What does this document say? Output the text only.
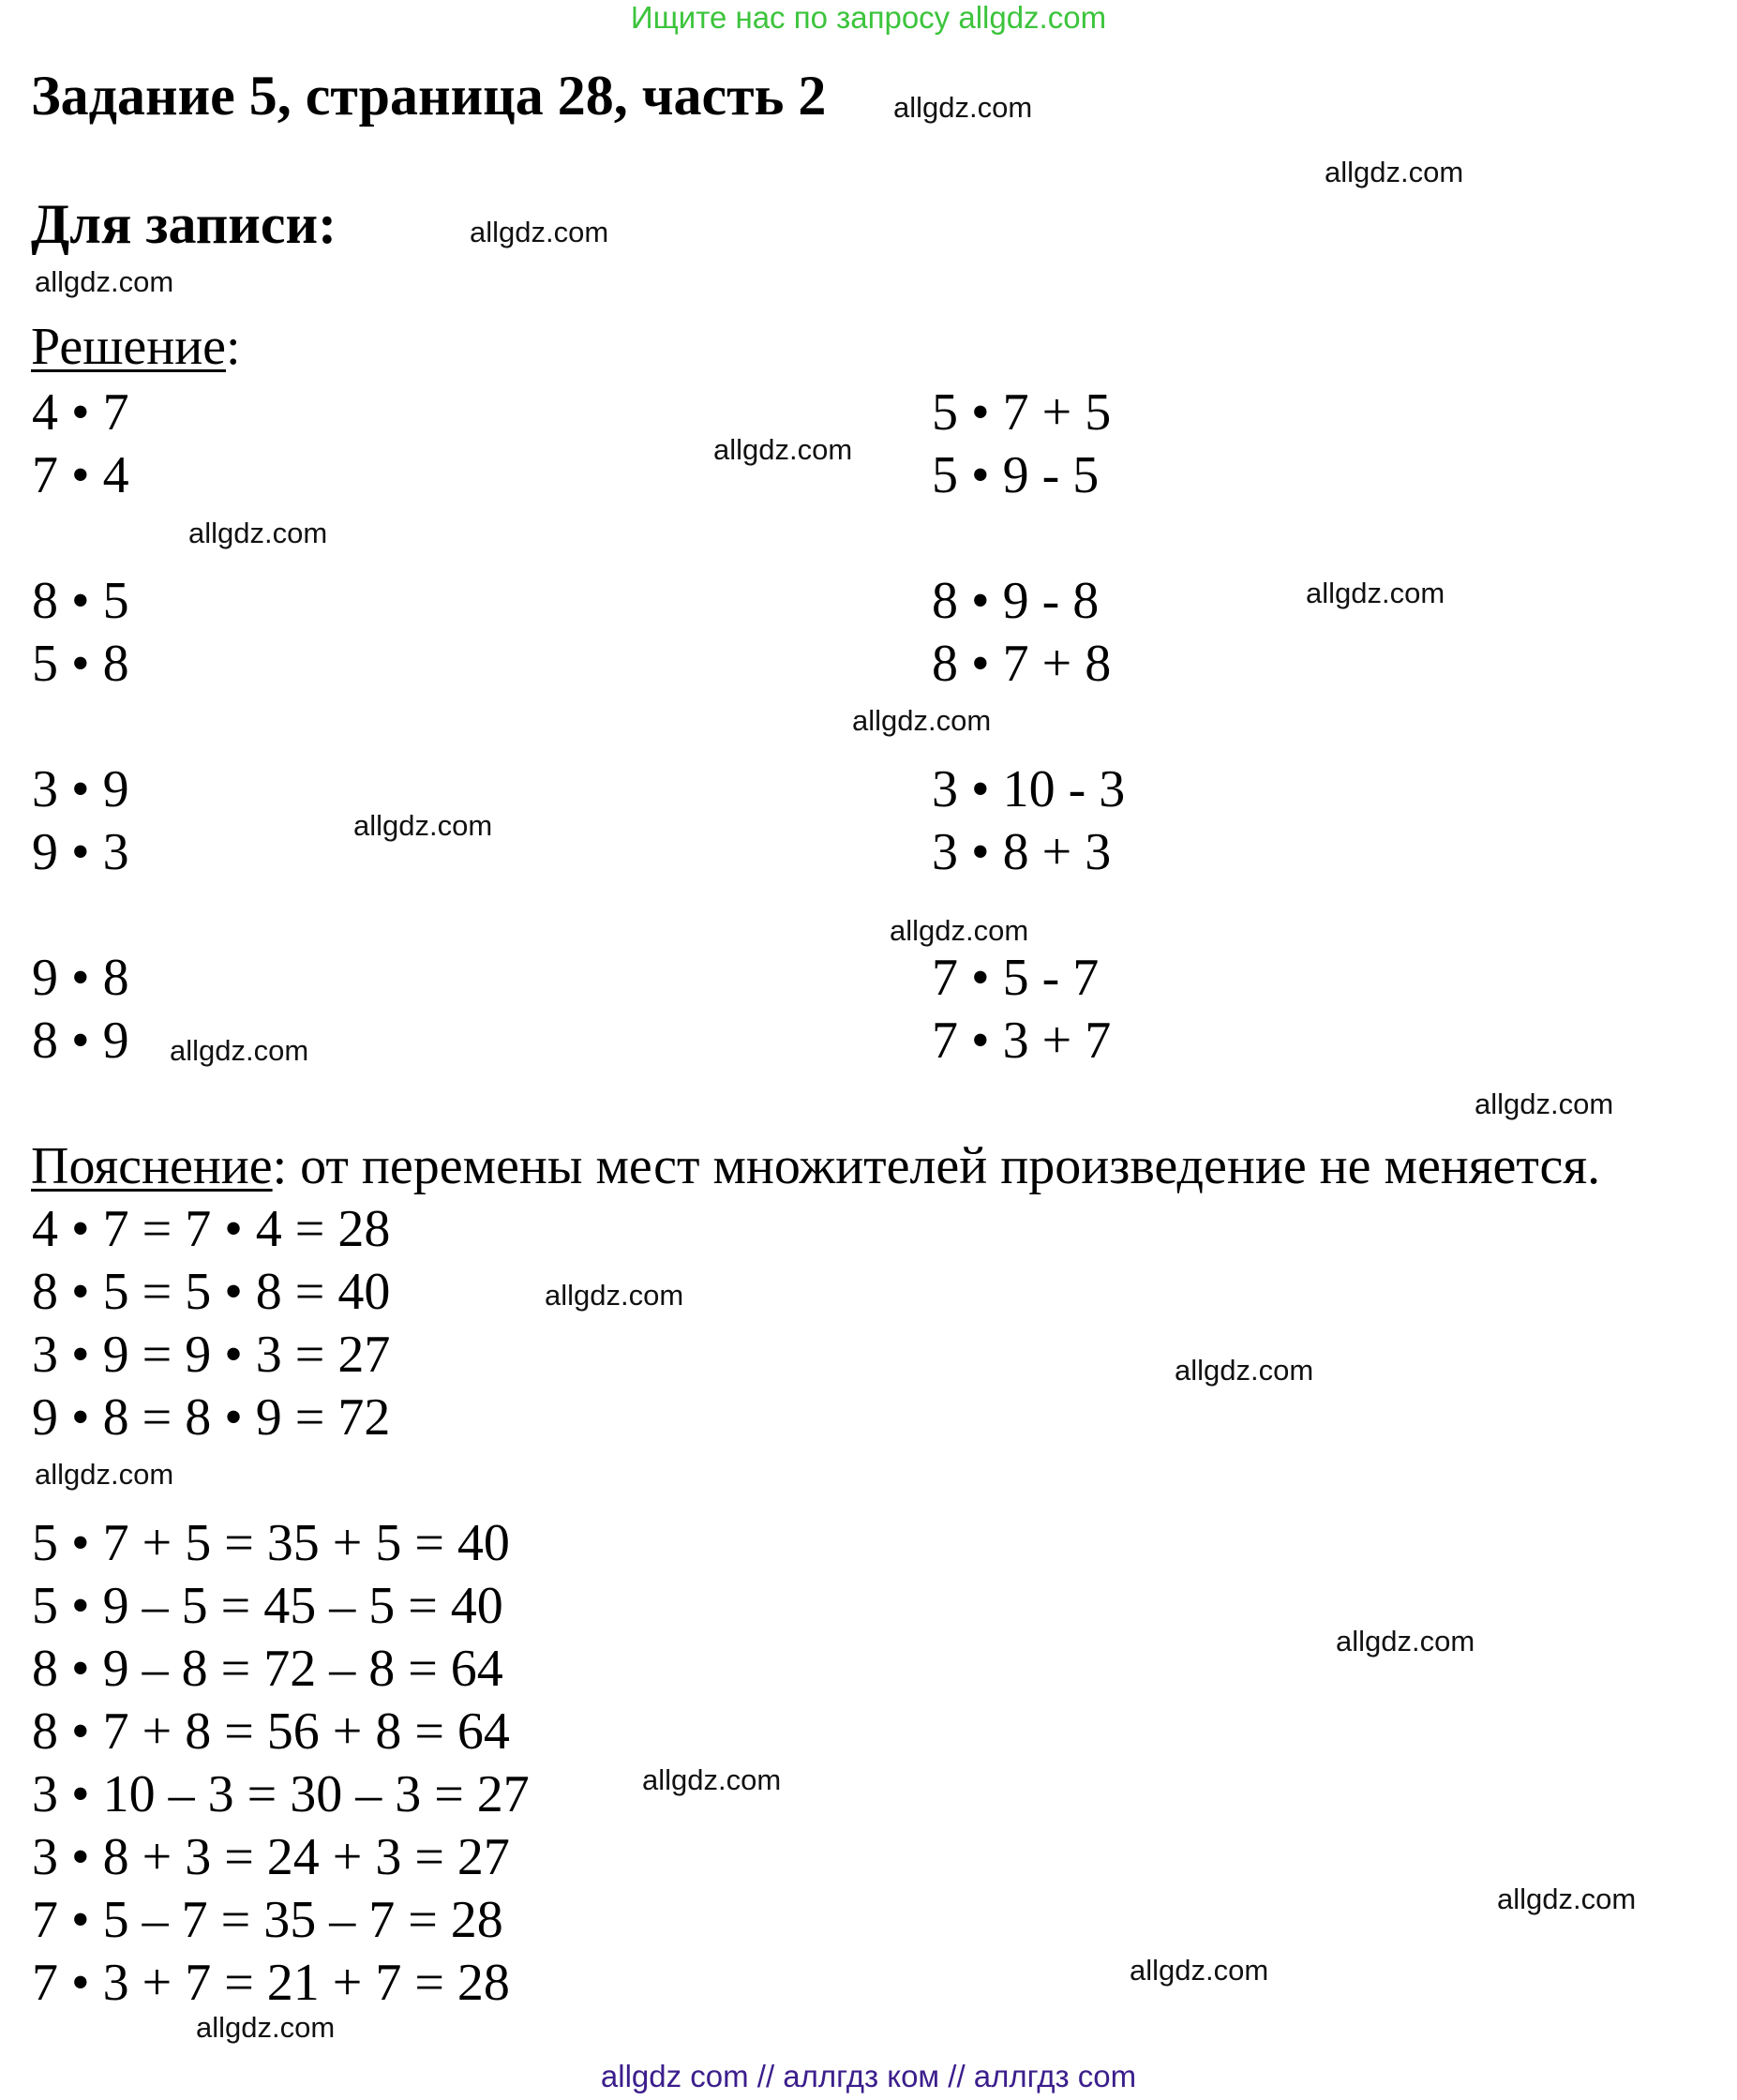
Ищите нас по запросу allgdz.com
Задание 5, страница 28, часть 2
Для записи:
Решение:
4 • 7
7 • 4
8 • 5
5 • 8
3 • 9
9 • 3
9 • 8
8 • 9
5 • 7 + 5
5 • 9 - 5
8 • 9 - 8
8 • 7 + 8
3 • 10 - 3
3 • 8 + 3
7 • 5 - 7
7 • 3 + 7
Пояснение: от перемены мест множителей произведение не меняется.
4 • 7 = 7 • 4 = 28
8 • 5 = 5 • 8 = 40
3 • 9 = 9 • 3 = 27
9 • 8 = 8 • 9 = 72
5 • 7 + 5 = 35 + 5 = 40
5 • 9 – 5 = 45 – 5 = 40
8 • 9 – 8 = 72 – 8 = 64
8 • 7 + 8 = 56 + 8 = 64
3 • 10 – 3 = 30 – 3 = 27
3 • 8 + 3 = 24 + 3 = 27
7 • 5 – 7 = 35 – 7 = 28
7 • 3 + 7 = 21 + 7 = 28
allgdz.com
allgdz.com
allgdz.com
allgdz.com
allgdz.com
allgdz.com
allgdz.com
allgdz.com
allgdz.com
allgdz.com
allgdz.com
allgdz.com
allgdz.com
allgdz.com
allgdz.com
allgdz.com
allgdz.com
allgdz.com
allgdz.com
allgdz.com
allgdz com // аллгдз ком // аллгдз com
